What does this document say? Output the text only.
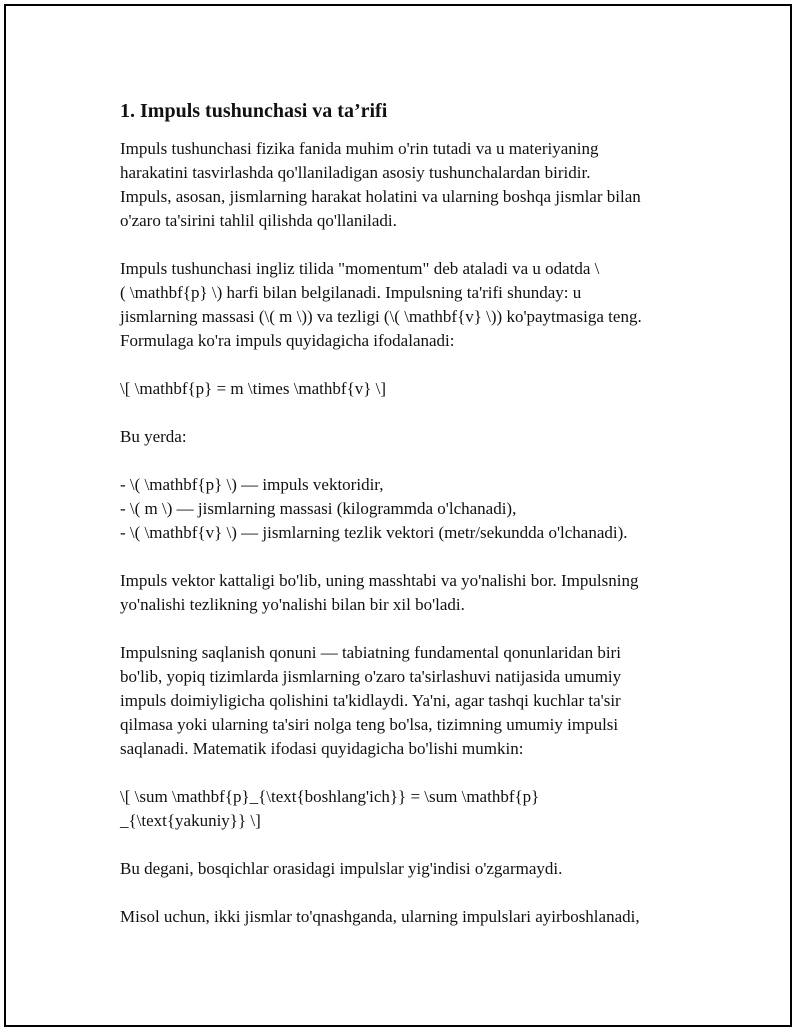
1. Impuls tushunchasi va ta’rifi
Impuls tushunchasi fizika fanida muhim o'rin tutadi va u materiyaning
harakatini tasvirlashda qo'llaniladigan asosiy tushunchalardan biridir.
Impuls, asosan, jismlarning harakat holatini va ularning boshqa jismlar bilan
o'zaro ta'sirini tahlil qilishda qo'llaniladi.
Impuls tushunchasi ingliz tilida "momentum" deb ataladi va u odatda \
( \mathbf{p} \) harfi bilan belgilanadi. Impulsning ta'rifi shunday: u
jismlarning massasi (\( m \)) va tezligi (\( \mathbf{v} \)) ko'paytmasiga teng.
Formulaga ko'ra impuls quyidagicha ifodalanadi:
\[ \mathbf{p} = m \times \mathbf{v} \]
Bu yerda:
- \( \mathbf{p} \) — impuls vektoridir,
- \( m \) — jismlarning massasi (kilogrammda o'lchanadi),
- \( \mathbf{v} \) — jismlarning tezlik vektori (metr/sekundda o'lchanadi).
Impuls vektor kattaligi bo'lib, uning masshtabi va yo'nalishi bor. Impulsning
yo'nalishi tezlikning yo'nalishi bilan bir xil bo'ladi.
Impulsning saqlanish qonuni — tabiatning fundamental qonunlaridan biri
bo'lib, yopiq tizimlarda jismlarning o'zaro ta'sirlashuvi natijasida umumiy
impuls doimiyligicha qolishini ta'kidlaydi. Ya'ni, agar tashqi kuchlar ta'sir
qilmasa yoki ularning ta'siri nolga teng bo'lsa, tizimning umumiy impulsi
saqlanadi. Matematik ifodasi quyidagicha bo'lishi mumkin:
\[ \sum \mathbf{p}_{\text{boshlang'ich}} = \sum \mathbf{p}
_{\text{yakuniy}} \]
Bu degani, bosqichlar orasidagi impulslar yig'indisi o'zgarmaydi.
Misol uchun, ikki jismlar to'qnashganda, ularning impulslari ayirboshlanadi,
